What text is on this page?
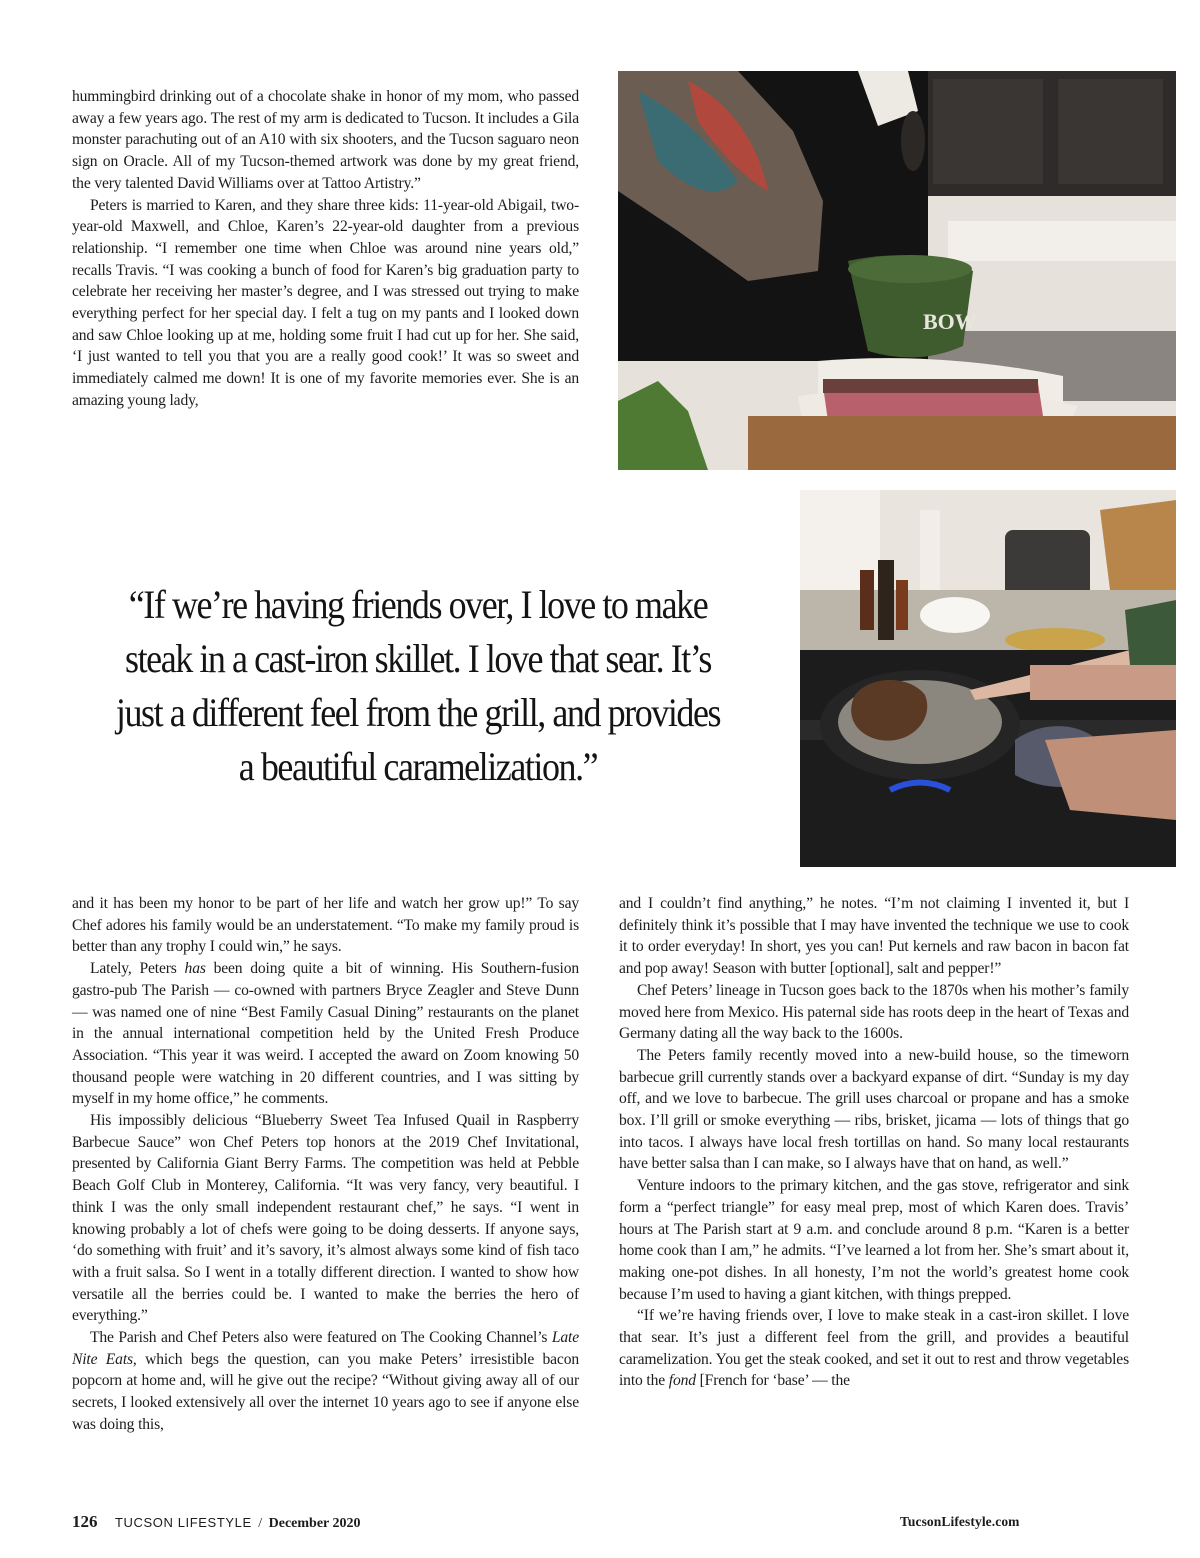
hummingbird drinking out of a chocolate shake in honor of my mom, who passed away a few years ago. The rest of my arm is dedicated to Tucson. It includes a Gila monster parachuting out of an A10 with six shooters, and the Tucson saguaro neon sign on Oracle. All of my Tucson-themed artwork was done by my great friend, the very talented David Williams over at Tattoo Artistry.”

Peters is married to Karen, and they share three kids: 11-year-old Abigail, two-year-old Maxwell, and Chloe, Karen’s 22-year-old daughter from a previous relationship. “I remember one time when Chloe was around nine years old,” recalls Travis. “I was cooking a bunch of food for Karen’s big graduation party to celebrate her receiving her master’s degree, and I was stressed out trying to make everything perfect for her special day. I felt a tug on my pants and I looked down and saw Chloe looking up at me, holding some fruit I had cut up for her. She said, ‘I just wanted to tell you that you are a really good cook!’ It was so sweet and immediately calmed me down! It is one of my favorite memories ever. She is an amazing young lady,

BOW
“If we’re having friends over, I love to make steak in a cast-iron skillet. I love that sear. It’s just a different feel from the grill, and provides a beautiful caramelization.”

and it has been my honor to be part of her life and watch her grow up!” To say Chef adores his family would be an understatement. “To make my family proud is better than any trophy I could win,” he says.

Lately, Peters has been doing quite a bit of winning. His Southern-fusion gastro-pub The Parish — co-owned with partners Bryce Zeagler and Steve Dunn — was named one of nine “Best Family Casual Dining” restaurants on the planet in the annual international competition held by the United Fresh Produce Association. “This year it was weird. I accepted the award on Zoom knowing 50 thousand people were watching in 20 different countries, and I was sitting by myself in my home office,” he comments.

His impossibly delicious “Blueberry Sweet Tea Infused Quail in Raspberry Barbecue Sauce” won Chef Peters top honors at the 2019 Chef Invitational, presented by California Giant Berry Farms. The competition was held at Pebble Beach Golf Club in Monterey, California. “It was very fancy, very beautiful. I think I was the only small independent restaurant chef,” he says. “I went in knowing probably a lot of chefs were going to be doing desserts. If anyone says, ‘do something with fruit’ and it’s savory, it’s almost always some kind of fish taco with a fruit salsa. So I went in a totally different direction. I wanted to show how versatile all the berries could be. I wanted to make the berries the hero of everything.”

The Parish and Chef Peters also were featured on The Cooking Channel’s Late Nite Eats, which begs the question, can you make Peters’ irresistible bacon popcorn at home and, will he give out the recipe? “Without giving away all of our secrets, I looked extensively all over the internet 10 years ago to see if anyone else was doing this,

and I couldn’t find anything,” he notes. “I’m not claiming I invented it, but I definitely think it’s possible that I may have invented the technique we use to cook it to order everyday! In short, yes you can! Put kernels and raw bacon in bacon fat and pop away! Season with butter [optional], salt and pepper!”

Chef Peters’ lineage in Tucson goes back to the 1870s when his mother’s family moved here from Mexico. His paternal side has roots deep in the heart of Texas and Germany dating all the way back to the 1600s.

The Peters family recently moved into a new-build house, so the timeworn barbecue grill currently stands over a backyard expanse of dirt. “Sunday is my day off, and we love to barbecue. The grill uses charcoal or propane and has a smoke box. I’ll grill or smoke everything — ribs, brisket, jicama — lots of things that go into tacos. I always have local fresh tortillas on hand. So many local restaurants have better salsa than I can make, so I always have that on hand, as well.”

Venture indoors to the primary kitchen, and the gas stove, refrigerator and sink form a “perfect triangle” for easy meal prep, most of which Karen does. Travis’ hours at The Parish start at 9 a.m. and conclude around 8 p.m. “Karen is a better home cook than I am,” he admits. “I’ve learned a lot from her. She’s smart about it, making one-pot dishes. In all honesty, I’m not the world’s greatest home cook because I’m used to having a giant kitchen, with things prepped.

“If we’re having friends over, I love to make steak in a cast-iron skillet. I love that sear. It’s just a different feel from the grill, and provides a beautiful caramelization. You get the steak cooked, and set it out to rest and throw vegetables into the fond [French for ‘base’ — the

126 TUCSON LIFESTYLE / December 2020	TucsonLifestyle.com
